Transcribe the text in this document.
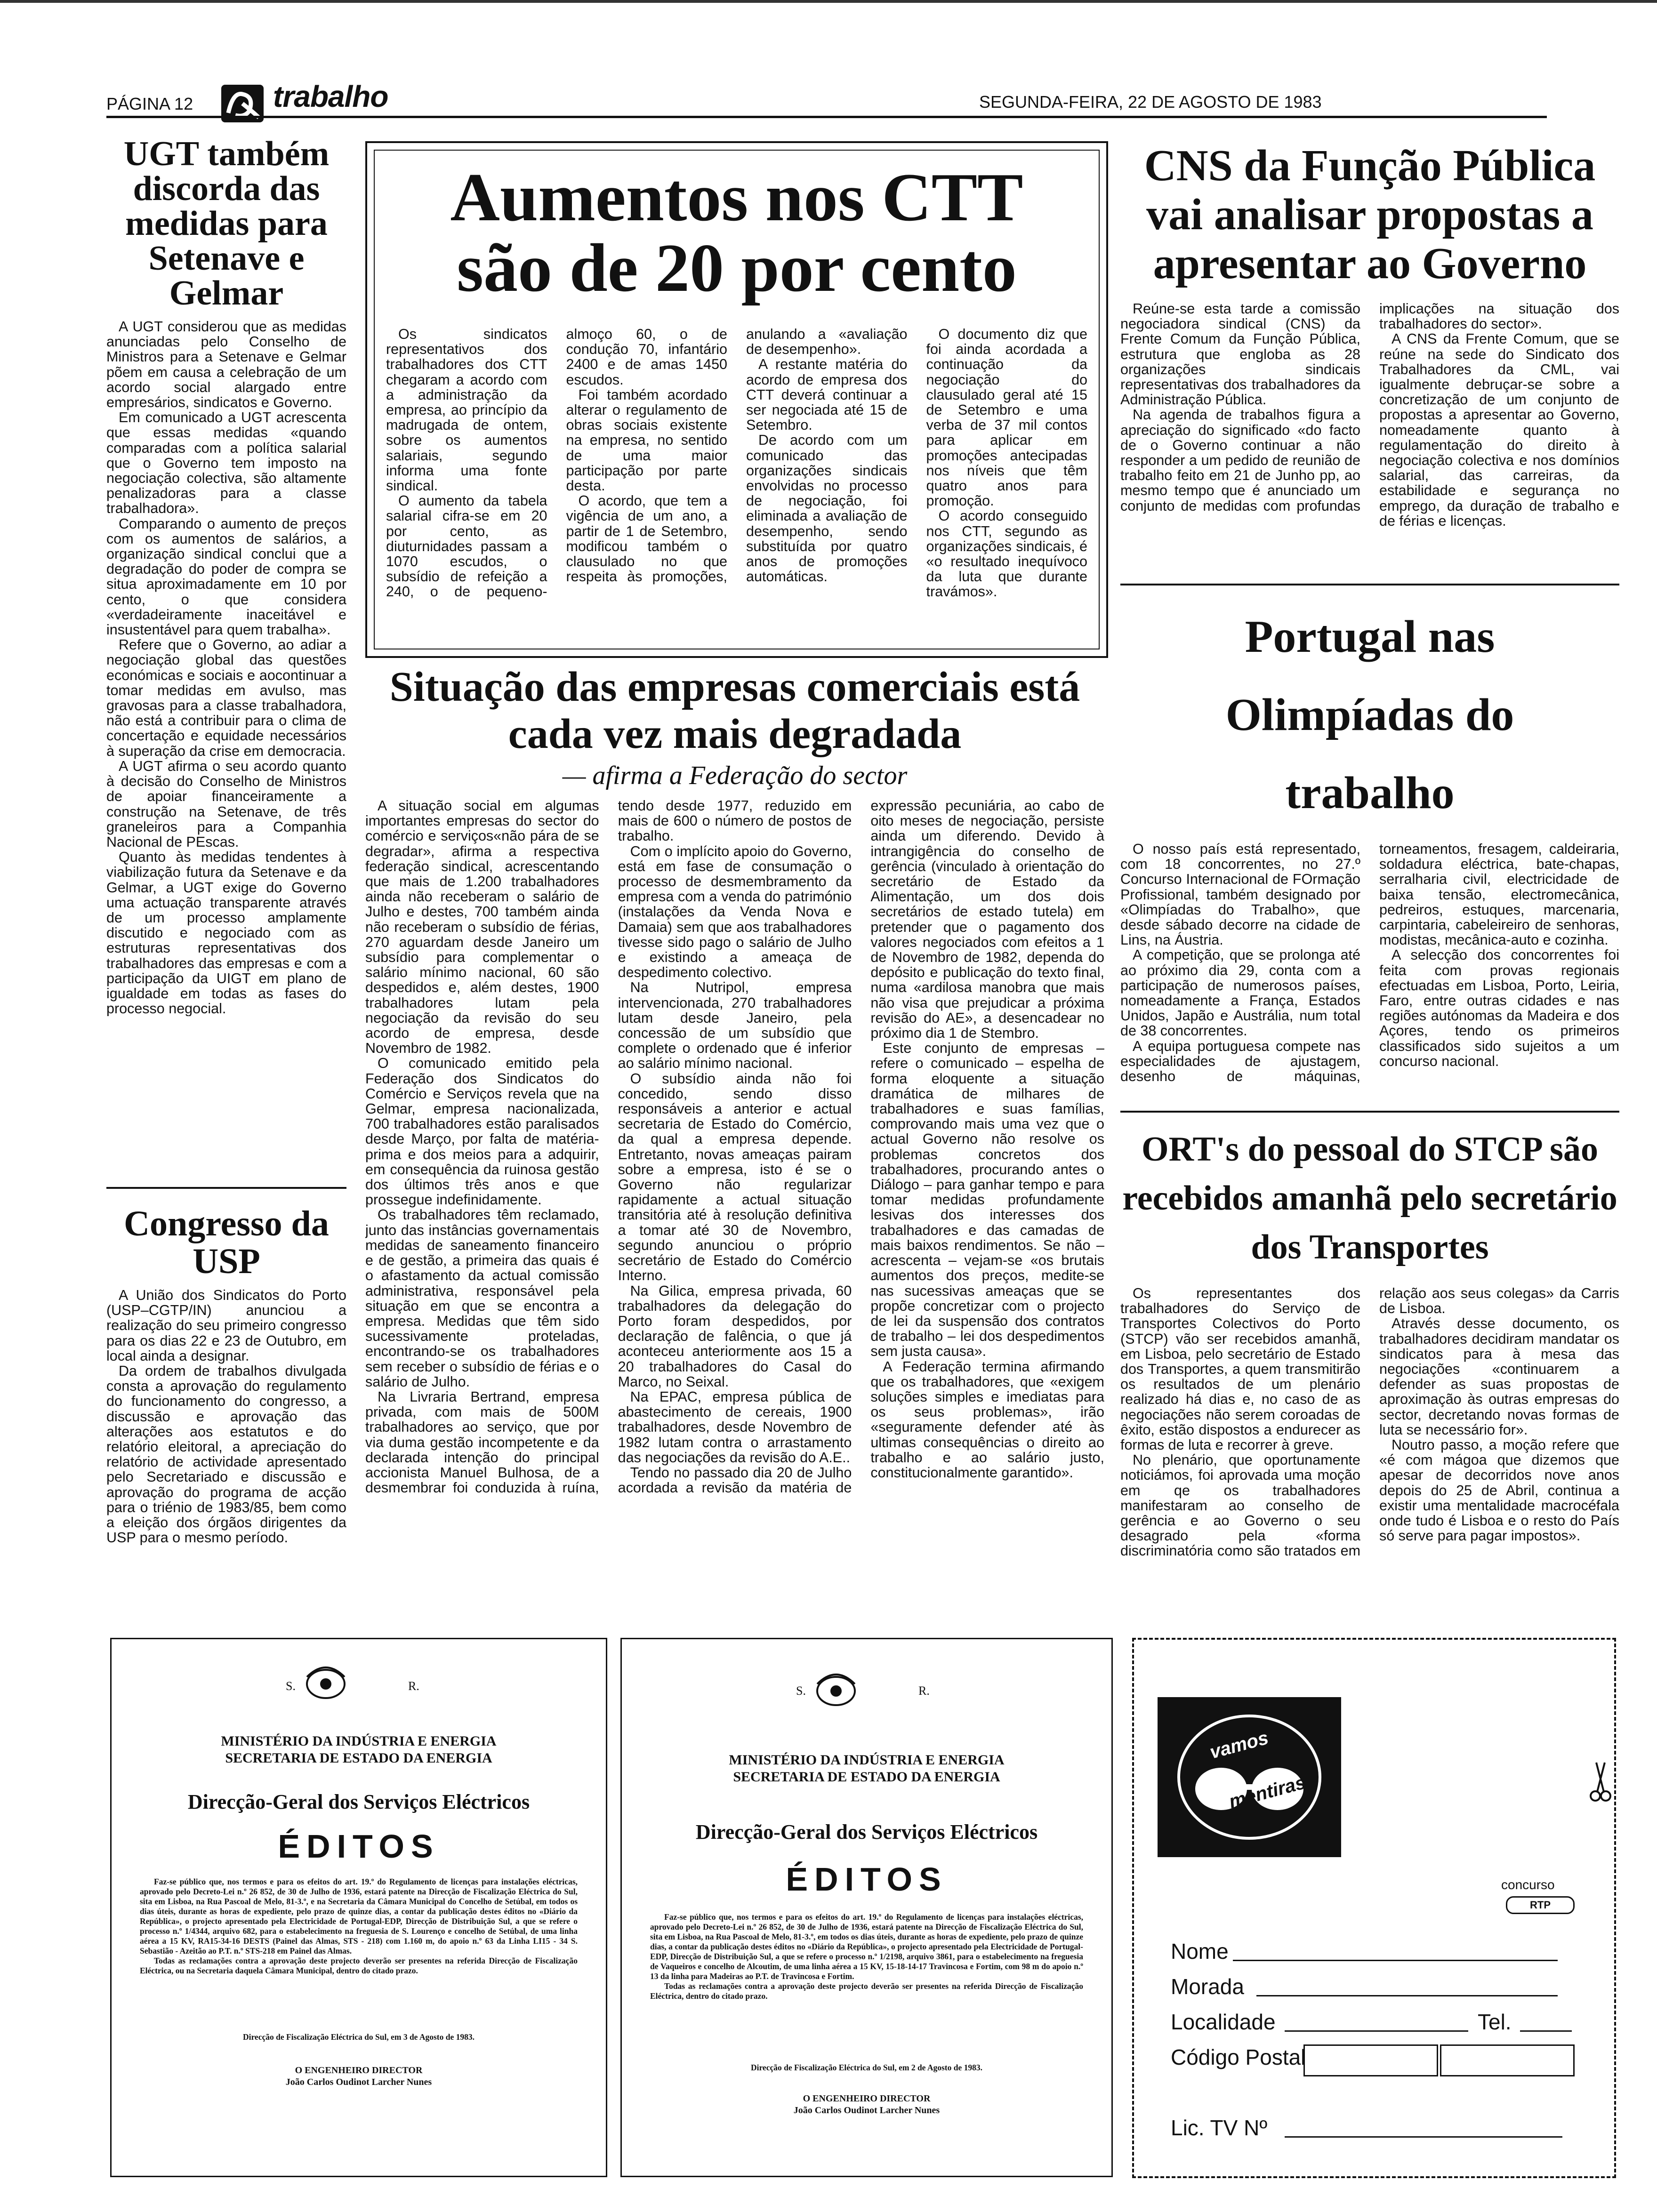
PÁGINA 12	trabalho	SEGUNDA-FEIRA, 22 DE AGOSTO DE 1983
UGT também discorda das medidas para Setenave e Gelmar

A UGT considerou que as medidas anunciadas pelo Conselho de Ministros para a Setenave e Gelmar põem em causa a celebração de um acordo social alargado entre empresários, sindicatos e Governo.

Em comunicado a UGT acrescenta que essas medidas «quando comparadas com a política salarial que o Governo tem imposto na negociação colectiva, são altamente penalizadoras para a classe trabalhadora».

Comparando o aumento de preços com os aumentos de salários, a organização sindical conclui que a degradação do poder de compra se situa aproximadamente em 10 por cento, o que considera «verdadeiramente inaceitável e insustentável para quem trabalha».

Refere que o Governo, ao adiar a negociação global das questões económicas e sociais e aocontinuar a tomar medidas em avulso, mas gravosas para a classe trabalhadora, não está a contribuir para o clima de concertação e equidade necessários à superação da crise em democracia.

A UGT afirma o seu acordo quanto à decisão do Conselho de Ministros de apoiar financeiramente a construção na Setenave, de três graneleiros para a Companhia Nacional de PEscas.

Quanto às medidas tendentes à viabilização futura da Setenave e da Gelmar, a UGT exige do Governo uma actuação transparente através de um processo amplamente discutido e negociado com as estruturas representativas dos trabalhadores das empresas e com a participação da UIGT em plano de igualdade em todas as fases do processo negocial.

Congresso da USP

A União dos Sindicatos do Porto (USP–CGTP/IN) anunciou a realização do seu primeiro congresso para os dias 22 e 23 de Outubro, em local ainda a designar.

Da ordem de trabalhos divulgada consta a aprovação do regulamento do funcionamento do congresso, a discussão e aprovação das alterações aos estatutos e do relatório eleitoral, a apreciação do relatório de actividade apresentado pelo Secretariado e discussão e aprovação do programa de acção para o triénio de 1983/85, bem como a eleição dos órgãos dirigentes da USP para o mesmo período.

Aumentos nos CTT são de 20 por cento

Os sindicatos representativos dos trabalhadores dos CTT chegaram a acordo com a administração da empresa, ao princípio da madrugada de ontem, sobre os aumentos salariais, segundo informa uma fonte sindical.

O aumento da tabela salarial cifra-se em 20 por cento, as diuturnidades passam a 1070 escudos, o subsídio de refeição a 240, o de pequeno-almoço 60, o de condução 70, infantário 2400 e de amas 1450 escudos.

Foi também acordado alterar o regulamento de obras sociais existente na empresa, no sentido de uma maior participação por parte desta.

O acordo, que tem a vigência de um ano, a partir de 1 de Setembro, modificou também o clausulado no que respeita às promoções, anulando a «avaliação de desempenho».

A restante matéria do acordo de empresa dos CTT deverá continuar a ser negociada até 15 de Setembro.

De acordo com um comunicado das organizações sindicais envolvidas no processo de negociação, foi eliminada a avaliação de desempenho, sendo substituída por quatro anos de promoções automáticas.

O documento diz que foi ainda acordada a continuação da negociação do clausulado geral até 15 de Setembro e uma verba de 37 mil contos para aplicar em promoções antecipadas nos níveis que têm quatro anos para promoção.

O acordo conseguido nos CTT, segundo as organizações sindicais, é «o resultado inequívoco da luta que durante travámos».

Situação das empresas comerciais está cada vez mais degradada
— afirma a Federação do sector

A situação social em algumas importantes empresas do sector do comércio e serviços«não pára de se degradar», afirma a respectiva federação sindical, acrescentando que mais de 1.200 trabalhadores ainda não receberam o salário de Julho e destes, 700 também ainda não receberam o subsídio de férias, 270 aguardam desde Janeiro um subsídio para complementar o salário mínimo nacional, 60 são despedidos e, além destes, 1900 trabalhadores lutam pela negociação da revisão do seu acordo de empresa, desde Novembro de 1982.

O comunicado emitido pela Federação dos Sindicatos do Comércio e Serviços revela que na Gelmar, empresa nacionalizada, 700 trabalhadores estão paralisados desde Março, por falta de matéria-prima e dos meios para a adquirir, em consequência da ruinosa gestão dos últimos três anos e que prossegue indefinidamente.

Os trabalhadores têm reclamado, junto das instâncias governamentais medidas de saneamento financeiro e de gestão, a primeira das quais é o afastamento da actual comissão administrativa, responsável pela situação em que se encontra a empresa. Medidas que têm sido sucessivamente proteladas, encontrando-se os trabalhadores sem receber o subsídio de férias e o salário de Julho.

Na Livraria Bertrand, empresa privada, com mais de 500M trabalhadores ao serviço, que por via duma gestão incompetente e da declarada intenção do principal accionista Manuel Bulhosa, de a desmembrar foi conduzida à ruína, tendo desde 1977, reduzido em mais de 600 o número de postos de trabalho.

Com o implícito apoio do Governo, está em fase de consumação o processo de desmembramento da empresa com a venda do património (instalações da Venda Nova e Damaia) sem que aos trabalhadores tivesse sido pago o salário de Julho e existindo a ameaça de despedimento colectivo.

Na Nutripol, empresa intervencionada, 270 trabalhadores lutam desde Janeiro, pela concessão de um subsídio que complete o ordenado que é inferior ao salário mínimo nacional.

O subsídio ainda não foi concedido, sendo disso responsáveis a anterior e actual secretaria de Estado do Comércio, da qual a empresa depende. Entretanto, novas ameaças pairam sobre a empresa, isto é se o Governo não regularizar rapidamente a actual situação transitória até à resolução definitiva a tomar até 30 de Novembro, segundo anunciou o próprio secretário de Estado do Comércio Interno.

Na Gilica, empresa privada, 60 trabalhadores da delegação do Porto foram despedidos, por declaração de falência, o que já aconteceu anteriormente aos 15 a 20 trabalhadores do Casal do Marco, no Seixal.

Na EPAC, empresa pública de abastecimento de cereais, 1900 trabalhadores, desde Novembro de 1982 lutam contra o arrastamento das negociações da revisão do A.E..

Tendo no passado dia 20 de Julho acordada a revisão da matéria de expressão pecuniária, ao cabo de oito meses de negociação, persiste ainda um diferendo. Devido à intrangigência do conselho de gerência (vinculado à orientação do secretário de Estado da Alimentação, um dos dois secretários de estado tutela) em pretender que o pagamento dos valores negociados com efeitos a 1 de Novembro de 1982, dependa do depósito e publicação do texto final, numa «ardilosa manobra que mais não visa que prejudicar a próxima revisão do AE», a desencadear no próximo dia 1 de Stembro.

Este conjunto de empresas – refere o comunicado – espelha de forma eloquente a situação dramática de milhares de trabalhadores e suas famílias, comprovando mais uma vez que o actual Governo não resolve os problemas concretos dos trabalhadores, procurando antes o Diálogo – para ganhar tempo e para tomar medidas profundamente lesivas dos interesses dos trabalhadores e das camadas de mais baixos rendimentos. Se não – acrescenta – vejam-se «os brutais aumentos dos preços, medite-se nas sucessivas ameaças que se propõe concretizar com o projecto de lei da suspensão dos contratos de trabalho – lei dos despedimentos sem justa causa».

A Federação termina afirmando que os trabalhadores, que «exigem soluções simples e imediatas para os seus problemas», irão «seguramente defender até às ultimas consequências o direito ao trabalho e ao salário justo, constitucionalmente garantido».

CNS da Função Pública vai analisar propostas a apresentar ao Governo

Reúne-se esta tarde a comissão negociadora sindical (CNS) da Frente Comum da Função Pública, estrutura que engloba as 28 organizações sindicais representativas dos trabalhadores da Administração Pública.

Na agenda de trabalhos figura a apreciação do significado «do facto de o Governo continuar a não responder a um pedido de reunião de trabalho feito em 21 de Junho pp, ao mesmo tempo que é anunciado um conjunto de medidas com profundas implicações na situação dos trabalhadores do sector».

A CNS da Frente Comum, que se reúne na sede do Sindicato dos Trabalhadores da CML, vai igualmente debruçar-se sobre a concretização de um conjunto de propostas a apresentar ao Governo, nomeadamente quanto à regulamentação do direito à negociação colectiva e nos domínios salarial, das carreiras, da estabilidade e segurança no emprego, da duração de trabalho e de férias e licenças.

Portugal nas Olimpíadas do trabalho

O nosso país está representado, com 18 concorrentes, no 27.º Concurso Internacional de FOrmação Profissional, também designado por «Olimpíadas do Trabalho», que desde sábado decorre na cidade de Lins, na Áustria.

A competição, que se prolonga até ao próximo dia 29, conta com a participação de numerosos países, nomeadamente a França, Estados Unidos, Japão e Austrália, num total de 38 concorrentes.

A equipa portuguesa compete nas especialidades de ajustagem, desenho de máquinas, torneamentos, fresagem, caldeiraria, soldadura eléctrica, bate-chapas, serralharia civil, electricidade de baixa tensão, electromecânica, pedreiros, estuques, marcenaria, carpintaria, cabeleireiro de senhoras, modistas, mecânica-auto e cozinha.

A selecção dos concorrentes foi feita com provas regionais efectuadas em Lisboa, Porto, Leiria, Faro, entre outras cidades e nas regiões autónomas da Madeira e dos Açores, tendo os primeiros classificados sido sujeitos a um concurso nacional.

ORT's do pessoal do STCP são recebidos amanhã pelo secretário dos Transportes

Os representantes dos trabalhadores do Serviço de Transportes Colectivos do Porto (STCP) vão ser recebidos amanhã, em Lisboa, pelo secretário de Estado dos Transportes, a quem transmitirão os resultados de um plenário realizado há dias e, no caso de as negociações não serem coroadas de êxito, estão dispostos a endurecer as formas de luta e recorrer à greve.

No plenário, que oportunamente noticiámos, foi aprovada uma moção em qe os trabalhadores manifestaram ao conselho de gerência e ao Governo o seu desagrado pela «forma discriminatória como são tratados em relação aos seus colegas» da Carris de Lisboa.

Através desse documento, os trabalhadores decidiram mandatar os sindicatos para à mesa das negociações «continuarem a defender as suas propostas de aproximação às outras empresas do sector, decretando novas formas de luta se necessário for».

Noutro passo, a moção refere que «é com mágoa que dizemos que apesar de decorridos nove anos depois do 25 de Abril, continua a existir uma mentalidade macrocéfala onde tudo é Lisboa e o resto do País só serve para pagar impostos».

S.	R.
MINISTÉRIO DA INDÚSTRIA E ENERGIA
SECRETARIA DE ESTADO DA ENERGIA
Direcção-Geral dos Serviços Eléctricos
ÉDITOS

Faz-se público que, nos termos e para os efeitos do art. 19.º do Regulamento de licenças para instalações eléctricas, aprovado pelo Decreto-Lei n.º 26 852, de 30 de Julho de 1936, estará patente na Direcção de Fiscalização Eléctrica do Sul, sita em Lisboa, na Rua Pascoal de Melo, 81-3.º, e na Secretaria da Câmara Municipal do Concelho de Setúbal, em todos os dias úteis, durante as horas de expediente, pelo prazo de quinze dias, a contar da publicação destes éditos no «Diário da República», o projecto apresentado pela Electricidade de Portugal-EDP, Direcção de Distribuição Sul, a que se refere o processo n.º 1/4344, arquivo 682, para o estabelecimento na freguesia de S. Lourenço e concelho de Setúbal, de uma linha aérea a 15 KV, RA15-34-16 DESTS (Painel das Almas, STS - 218) com 1.160 m, do apoio n.º 63 da Linha LI15 - 34 S. Sebastião - Azeitão ao P.T. n.º STS-218 em Painel das Almas.

Todas as reclamações contra a aprovação deste projecto deverão ser presentes na referida Direcção de Fiscalização Eléctrica, ou na Secretaria daquela Câmara Municipal, dentro do citado prazo.

Direcção de Fiscalização Eléctrica do Sul, em 3 de Agosto de 1983.
O ENGENHEIRO DIRECTOR
João Carlos Oudinot Larcher Nunes
S.	R.
MINISTÉRIO DA INDÚSTRIA E ENERGIA
SECRETARIA DE ESTADO DA ENERGIA
Direcção-Geral dos Serviços Eléctricos
ÉDITOS

Faz-se público que, nos termos e para os efeitos do art. 19.º do Regulamento de licenças para instalações eléctricas, aprovado pelo Decreto-Lei n.º 26 852, de 30 de Julho de 1936, estará patente na Direcção de Fiscalização Eléctrica do Sul, sita em Lisboa, na Rua Pascoal de Melo, 81-3.º, em todos os dias úteis, durante as horas de expediente, pelo prazo de quinze dias, a contar da publicação destes éditos no «Diário da República», o projecto apresentado pela Electricidade de Portugal-EDP, Direcção de Distribuição Sul, a que se refere o processo n.º 1/2198, arquivo 3861, para o estabelecimento na freguesia de Vaqueiros e concelho de Alcoutim, de uma linha aérea a 15 KV, 15-18-14-17 Travincosa e Fortim, com 98 m do apoio n.º 13 da linha para Madeiras ao P.T. de Travincosa e Fortim.

Todas as reclamações contra a aprovação deste projecto deverão ser presentes na referida Direcção de Fiscalização Eléctrica, dentro do citado prazo.

Direcção de Fiscalização Eléctrica do Sul, em 2 de Agosto de 1983.
O ENGENHEIRO DIRECTOR
João Carlos Oudinot Larcher Nunes
vamos
mentiras
concurso
RTP
Nome
Morada
Localidade	Tel.
Código Postal
Lic. TV Nº
